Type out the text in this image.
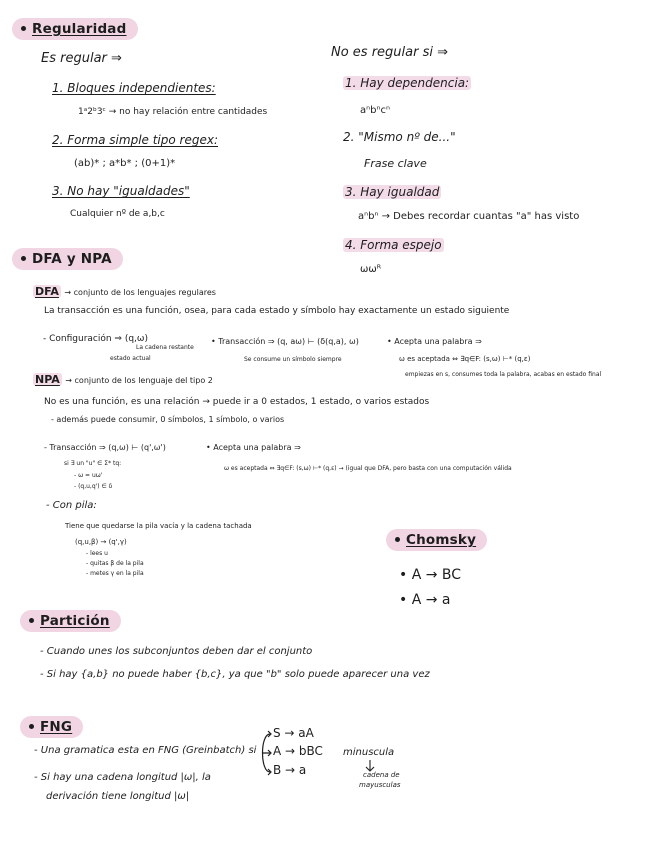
Regularidad
Es regular ⇒
1. Bloques independientes:
1ᵃ2ᵇ3ᶜ → no hay relación entre cantidades
2. Forma simple tipo regex:
(ab)* ; a*b* ; (0+1)*
3. No hay "igualdades"
Cualquier nº de a,b,c
No es regular si ⇒
1. Hay dependencia:
aⁿbⁿcⁿ
2. "Mismo nº de..."
Frase clave
3. Hay igualdad
aⁿbⁿ → Debes recordar cuantas "a" has visto
4. Forma espejo
ωωᴿ
DFA y NPA
DFA → conjunto de los lenguajes regulares
La transacción es una función, osea, para cada estado y símbolo hay exactamente un estado siguiente
- Configuración ⇒ (q,ω)
La cadena restante
estado actual
• Transacción ⇒ (q, aω) ⊢ (δ(q,a), ω)
Se consume un símbolo siempre
• Acepta una palabra ⇒
ω es aceptada ⇔ ∃q∈F: (s,ω) ⊢* (q,ε)
empiezas en s, consumes toda la palabra, acabas en estado final
NPA → conjunto de los lenguaje del tipo 2
No es una función, es una relación → puede ir a 0 estados, 1 estado, o varios estados
- además puede consumir, 0 símbolos, 1 símbolo, o varios
- Transacción ⇒ (q,ω) ⊢ (q',ω')
si ∃ un "u" ∈ Σ* tq:
- ω = uω'
- (q,u,q') ∈ δ
• Acepta una palabra ⇒
ω es aceptada ⇔ ∃q∈F: (s,ω) ⊢* (q,ε) → (igual que DFA, pero basta con una computación válida
- Con pila:
Tiene que quedarse la pila vacía y la cadena tachada
(q,u,β) → (q',γ)
- lees u
- quitas β de la pila
- metes γ en la pila
Chomsky
• A → BC
• A → a
Partición
- Cuando unes los subconjuntos deben dar el conjunto
- Si hay {a,b} no puede haber {b,c}, ya que "b" solo puede aparecer una vez
FNG
- Una gramatica esta en FNG (Greinbatch) si
S → aA
A → bBC
B → a
minuscula
cadena de
mayusculas
- Si hay una cadena longitud |ω|, la
derivación tiene longitud |ω|
